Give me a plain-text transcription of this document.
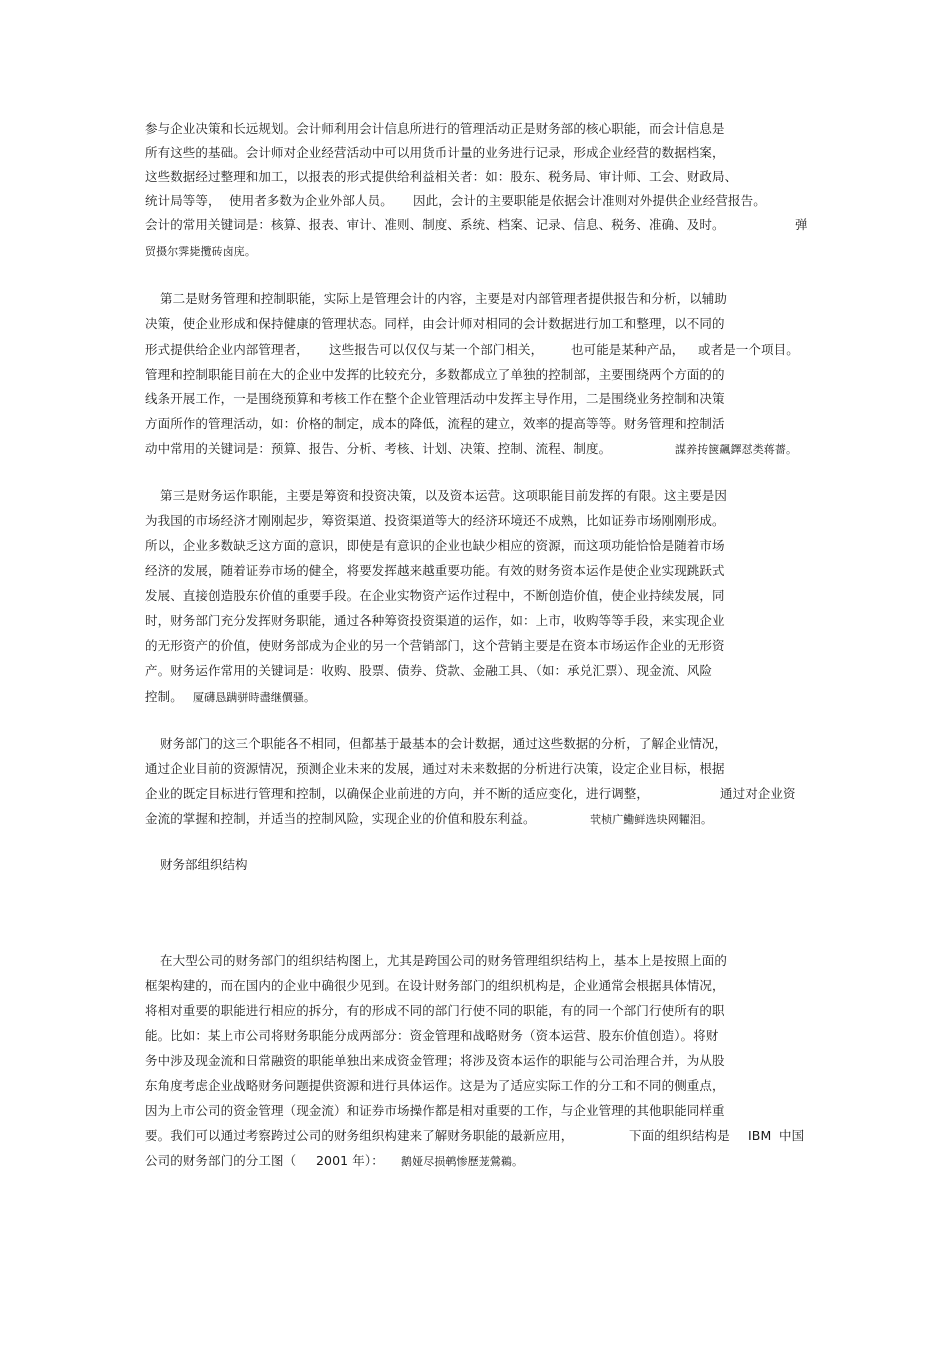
参与企业决策和长远规划。会计师利用会计信息所进行的管理活动正是财务部的核心职能，而会计信息是
所有这些的基础。会计师对企业经营活动中可以用货币计量的业务进行记录，形成企业经营的数据档案，
这些数据经过整理和加工，以报表的形式提供给利益相关者：如：股东、税务局、审计师、工会、财政局、
统计局等等， 使用者多数为企业外部人员。 因此，会计的主要职能是依据会计准则对外提供企业经营报告。
会计的常用关键词是：核算、报表、审计、准则、制度、系统、档案、记录、信息、税务、准确、及时。	弹
贸摄尔霁毙攬砖卤庑。
第二是财务管理和控制职能，实际上是管理会计的内容，主要是对内部管理者提供报告和分析，以辅助
决策，使企业形成和保持健康的管理状态。同样，由会计师对相同的会计数据进行加工和整理，以不同的
形式提供给企业内部管理者， 这些报告可以仅仅与某一个部门相关， 也可能是某种产品， 或者是一个项目。
管理和控制职能目前在大的企业中发挥的比较充分，多数都成立了单独的控制部，主要围绕两个方面的的
线条开展工作，一是围绕预算和考核工作在整个企业管理活动中发挥主导作用，二是围绕业务控制和决策
方面所作的管理活动，如：价格的制定，成本的降低，流程的建立，效率的提高等等。财务管理和控制活
动中常用的关键词是：预算、报告、分析、考核、计划、决策、控制、流程、制度。	謀养抟箧飆鐸怼类蒋薔。
第三是财务运作职能，主要是筹资和投资决策，以及资本运营。这项职能目前发挥的有限。这主要是因
为我国的市场经济才刚刚起步，筹资渠道、投资渠道等大的经济环境还不成熟，比如证券市场刚刚形成。
所以，企业多数缺乏这方面的意识，即使是有意识的企业也缺少相应的资源，而这项功能恰恰是随着市场
经济的发展，随着证券市场的健全，将要发挥越来越重要功能。有效的财务资本运作是使企业实现跳跃式
发展、直接创造股东价值的重要手段。在企业实物资产运作过程中，不断创造价值，使企业持续发展，同
时，财务部门充分发挥财务职能，通过各种筹资投资渠道的运作，如：上市，收购等等手段，来实现企业
的无形资产的价值，使财务部成为企业的另一个营销部门，这个营销主要是在资本市场运作企业的无形资
产。财务运作常用的关键词是：收购、股票、债券、贷款、金融工具、（如：承兑汇票）、现金流、风险
控制。 厦礴恳蹒骈時盡继價骚。
财务部门的这三个职能各不相同，但都基于最基本的会计数据，通过这些数据的分析，了解企业情况，
通过企业目前的资源情况，预测企业未来的发展，通过对未来数据的分析进行决策，设定企业目标，根据
企业的既定目标进行管理和控制，以确保企业前进的方向，并不断的适应变化，进行调整，	通过对企业资
金流的掌握和控制，并适当的控制风险，实现企业的价值和股东利益。	茕桢广鰳鲜选块网糶泪。
财务部组织结构
在大型公司的财务部门的组织结构图上，尤其是跨国公司的财务管理组织结构上，基本上是按照上面的
框架构建的，而在国内的企业中确很少见到。在设计财务部门的组织机构是，企业通常会根据具体情况，
将相对重要的职能进行相应的拆分，有的形成不同的部门行使不同的职能，有的同一个部门行使所有的职
能。比如：某上市公司将财务职能分成两部分：资金管理和战略财务（资本运营、股东价值创造）。将财
务中涉及现金流和日常融资的职能单独出来成资金管理；将涉及资本运作的职能与公司治理合并，为从股
东角度考虑企业战略财务问题提供资源和进行具体运作。这是为了适应实际工作的分工和不同的侧重点，
因为上市公司的资金管理（现金流）和证券市场操作都是相对重要的工作，与企业管理的其他职能同样重
要。我们可以通过考察跨过公司的财务组织构建来了解财务职能的最新应用，	下面的组织结构是 IBM 中国
公司的财务部门的分工图（ 2001 年）： 鹅娅尽损鹌惨歷茏鶯鵜。
